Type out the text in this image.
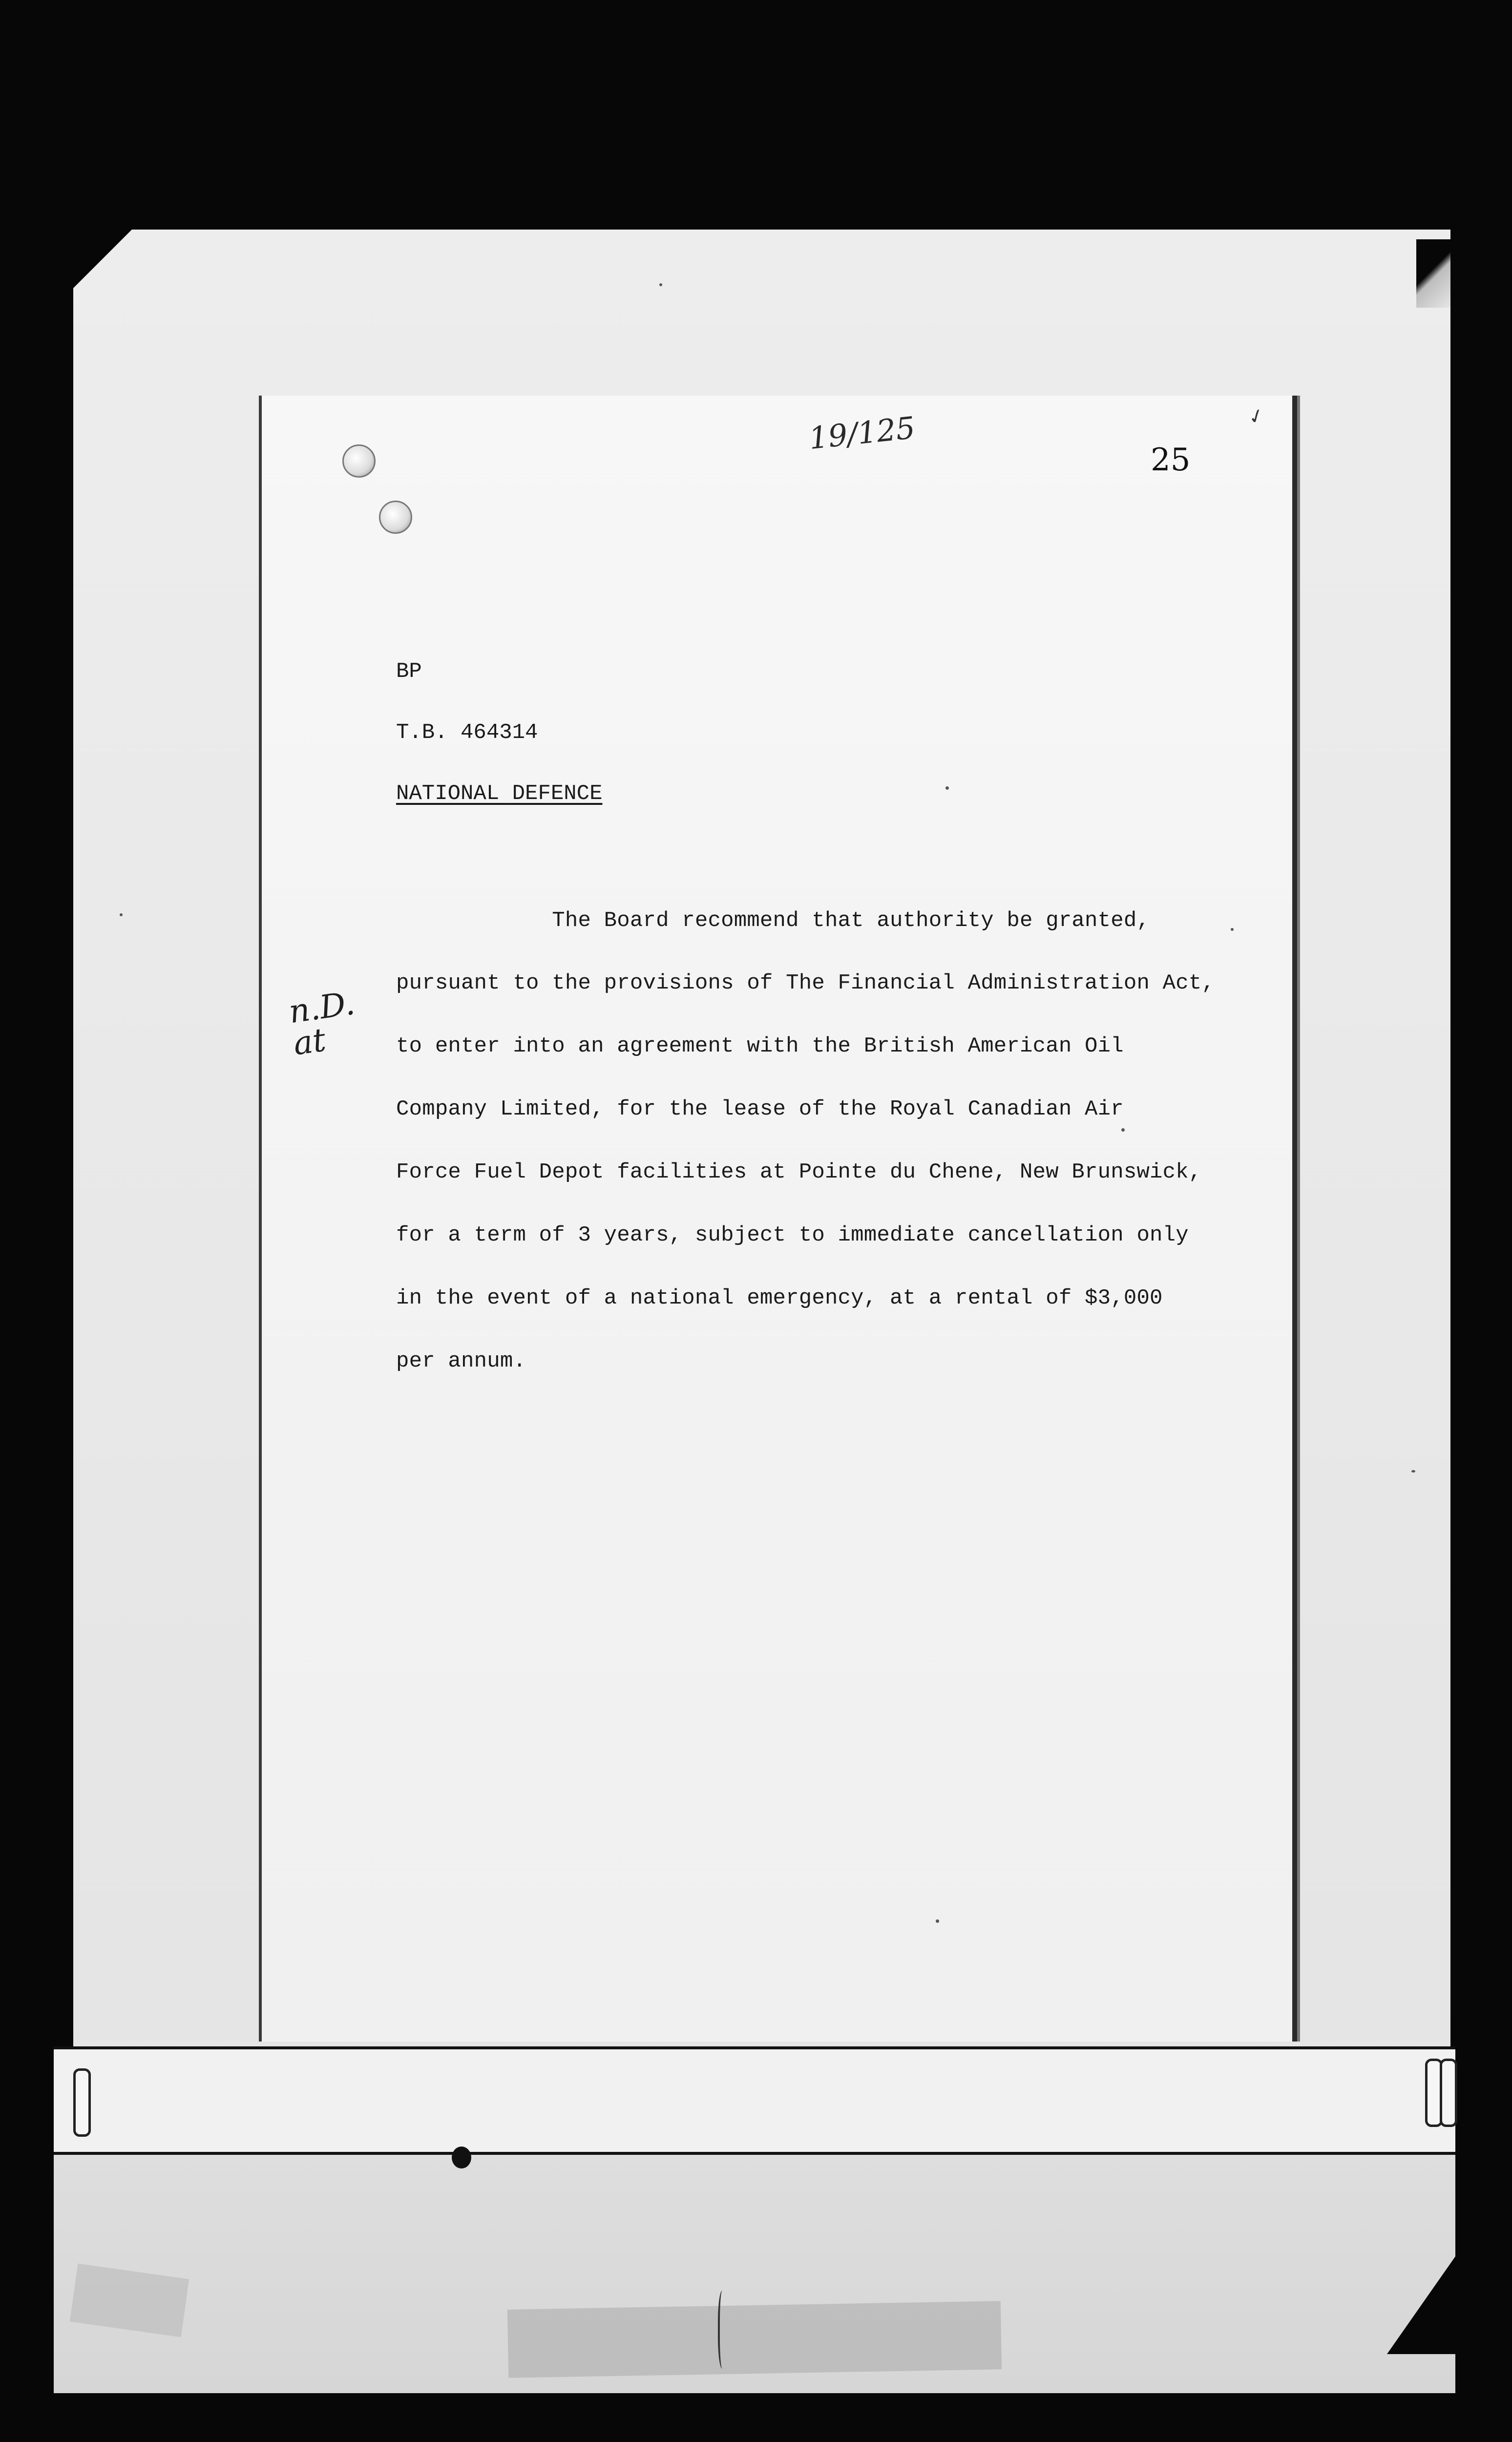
19/125	✓
25
BP
T.B. 464314
NATIONAL DEFENCE
n.D.
at
The Board recommend that authority be granted,
pursuant to the provisions of The Financial Administration Act,
to enter into an agreement with the British American Oil
Company Limited, for the lease of the Royal Canadian Air
Force Fuel Depot facilities at Pointe du Chene, New Brunswick,
for a term of 3 years, subject to immediate cancellation only
in the event of a national emergency, at a rental of $3,000
per annum.
